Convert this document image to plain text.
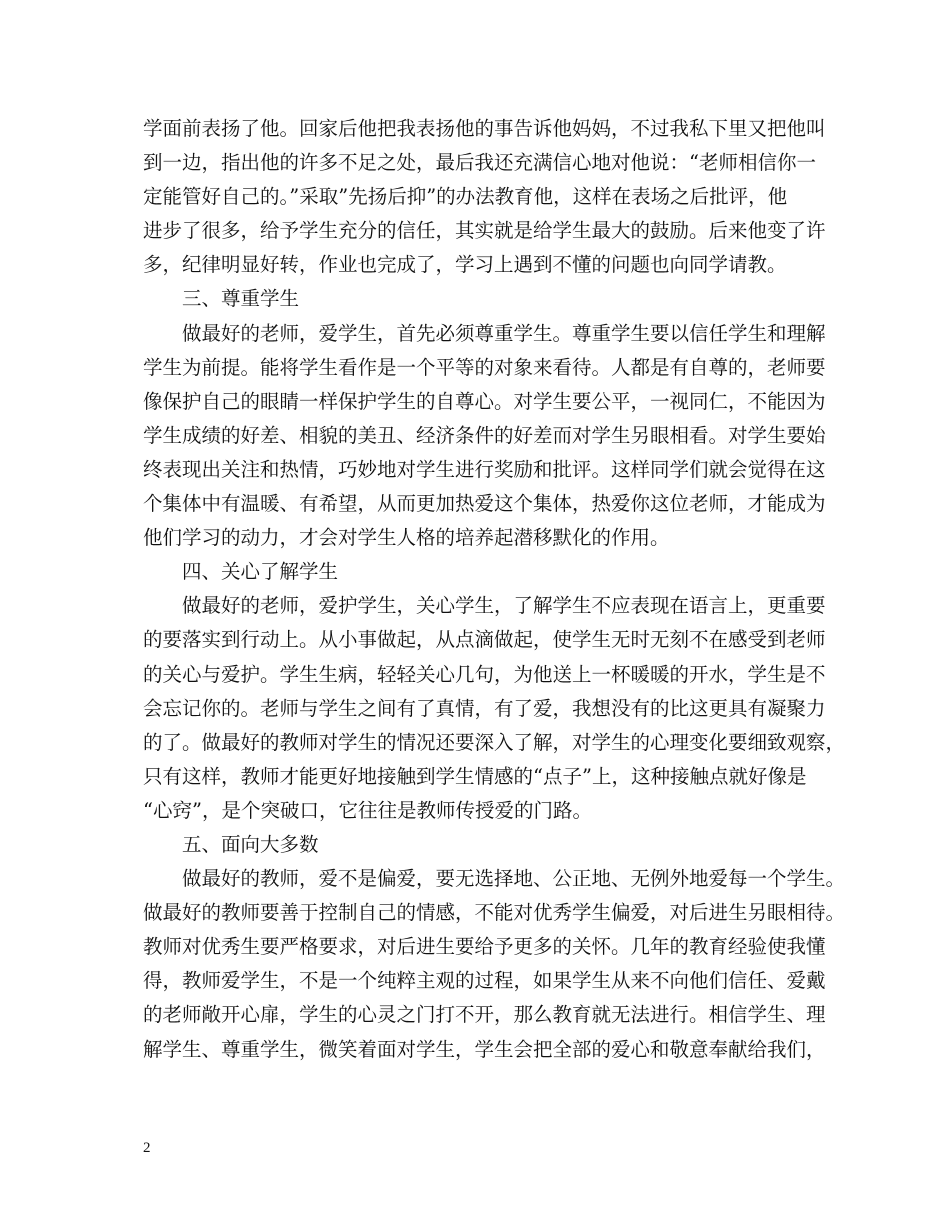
学面前表扬了他。回家后他把我表扬他的事告诉他妈妈，不过我私下里又把他叫
到一边，指出他的许多不足之处，最后我还充满信心地对他说：“老师相信你一
定能管好自己的。”采取”先扬后抑”的办法教育他，这样在表场之后批评，他
进步了很多，给予学生充分的信任，其实就是给学生最大的鼓励。后来他变了许
多，纪律明显好转，作业也完成了，学习上遇到不懂的问题也向同学请教。
三、尊重学生
做最好的老师，爱学生，首先必须尊重学生。尊重学生要以信任学生和理解
学生为前提。能将学生看作是一个平等的对象来看待。人都是有自尊的，老师要
像保护自己的眼睛一样保护学生的自尊心。对学生要公平，一视同仁，不能因为
学生成绩的好差、相貌的美丑、经济条件的好差而对学生另眼相看。对学生要始
终表现出关注和热情，巧妙地对学生进行奖励和批评。这样同学们就会觉得在这
个集体中有温暖、有希望，从而更加热爱这个集体，热爱你这位老师，才能成为
他们学习的动力，才会对学生人格的培养起潜移默化的作用。
四、关心了解学生
做最好的老师，爱护学生，关心学生，了解学生不应表现在语言上，更重要
的要落实到行动上。从小事做起，从点滴做起，使学生无时无刻不在感受到老师
的关心与爱护。学生生病，轻轻关心几句，为他送上一杯暖暖的开水，学生是不
会忘记你的。老师与学生之间有了真情，有了爱，我想没有的比这更具有凝聚力
的了。做最好的教师对学生的情况还要深入了解，对学生的心理变化要细致观察，
只有这样，教师才能更好地接触到学生情感的“点子”上，这种接触点就好像是
“心窍”，是个突破口，它往往是教师传授爱的门路。
五、面向大多数
做最好的教师，爱不是偏爱，要无选择地、公正地、无例外地爱每一个学生。
做最好的教师要善于控制自己的情感，不能对优秀学生偏爱，对后进生另眼相待。
教师对优秀生要严格要求，对后进生要给予更多的关怀。几年的教育经验使我懂
得，教师爱学生，不是一个纯粹主观的过程，如果学生从来不向他们信任、爱戴
的老师敞开心扉，学生的心灵之门打不开，那么教育就无法进行。相信学生、理
解学生、尊重学生，微笑着面对学生，学生会把全部的爱心和敬意奉献给我们，
2
